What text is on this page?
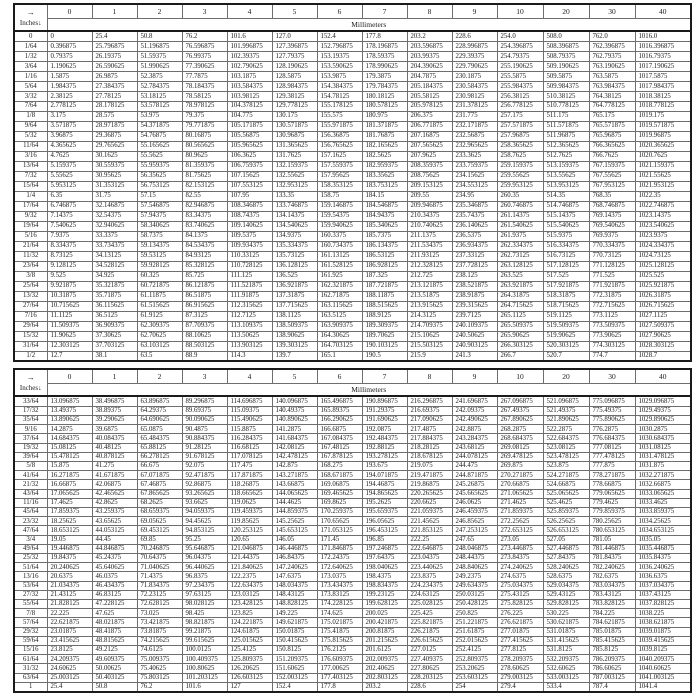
→
Inches↓	0	1	2	3	4	5	6	7	8	9	10	20	30	40
	Millimeters													
0	0	25.4	50.8	76.2	101.6	127.0	152.4	177.8	203.2	228.6	254.0	508.0	762.0	1016.0
1/64	0.396875	25.796875	51.196875	76.596875	101.996875	127.396875	152.796875	178.196875	203.596875	228.996875	254.396875	508.396875	762.396875	1016.396875
1/32	0.79375	26.19375	51.59375	76.99375	102.39375	127.79375	153.19375	178.59375	203.99375	229.39375	254.79375	508.79375	762.79375	1016.79375
3/64	1.190625	26.590625	51.990625	77.390625	102.790625	128.190625	153.590625	178.990625	204.390625	229.790625	255.190625	509.190625	763.190625	1017.190625
1/16	1.5875	26.9875	52.3875	77.7875	103.1875	128.5875	153.9875	179.3875	204.7875	230.1875	255.5875	509.5875	763.5875	1017.5875
5/64	1.984375	27.384375	52.784375	78.184375	103.584375	128.984375	154.384375	179.784375	205.184375	230.584375	255.984375	509.984375	763.984375	1017.984375
3/32	2.38125	27.78125	53.18125	78.58125	103.98125	129.38125	154.78125	180.18125	205.58125	230.98125	256.38125	510.38125	764.38125	1018.38125
7/64	2.778125	28.178125	53.578125	78.978125	104.378125	129.778125	155.178125	180.578125	205.978125	231.378125	256.778125	510.778125	764.778125	1018.778125
1/8	3.175	28.575	53.975	79.375	104.775	130.175	155.575	180.975	206.375	231.775	257.175	511.175	765.175	1019.175
9/64	3.571875	28.971875	54.371875	79.771875	105.171875	130.571875	155.971875	181.371875	206.771875	232.171875	257.571875	511.571875	765.571875	1019.571875
5/32	3.96875	29.36875	54.76875	80.16875	105.56875	130.96875	156.36875	181.76875	207.16875	232.56875	257.96875	511.96875	765.96875	1019.96875
11/64	4.365625	29.765625	55.165625	80.565625	105.965625	131.365625	156.765625	182.165625	207.565625	232.965625	258.365625	512.365625	766.365625	1020.365625
3/16	4.7625	30.1625	55.5625	80.9625	106.3625	131.7625	157.1625	182.5625	207.9625	233.3625	258.7625	512.7625	766.7625	1020.7625
13/64	5.159375	30.559375	55.959375	81.359375	106.759375	132.159375	157.559375	182.959375	208.359375	233.759375	259.159375	513.159375	767.159375	1021.159375
7/32	5.55625	30.95625	56.35625	81.75625	107.15625	132.55625	157.95625	183.35625	208.75625	234.15625	259.55625	513.55625	767.55625	1021.55625
15/64	5.953125	31.353125	56.753125	82.153125	107.553125	132.953125	158.353125	183.753125	209.153125	234.553125	259.953125	513.953125	767.953125	1021.953125
1/4	6.35	31.75	57.15	82.55	107.95	133.35	158.75	184.15	209.55	234.95	260.35	514.35	768.35	1022.35
17/64	6.746875	32.146875	57.546875	82.946875	108.346875	133.746875	159.146875	184.546875	209.946875	235.346875	260.746875	514.746875	768.746875	1022.746875
9/32	7.14375	32.54375	57.94375	83.34375	108.74375	134.14375	159.54375	184.94375	210.34375	235.74375	261.14375	515.14375	769.14375	1023.14375
19/64	7.540625	32.940625	58.340625	83.740625	109.140625	134.540625	159.940625	185.340625	210.740625	236.140625	261.540625	515.540625	769.540625	1023.540625
5/16	7.9375	33.3375	58.7375	84.1375	109.5375	134.9375	160.3375	185.7375	211.1375	236.5375	261.9375	515.9375	769.9375	1023.9375
21/64	8.334375	33.734375	59.134375	84.534375	109.934375	135.334375	160.734375	186.134375	211.534375	236.934375	262.334375	516.334375	770.334375	1024.334375
11/32	8.73125	34.13125	59.53125	84.93125	110.33125	135.73125	161.13125	186.53125	211.93125	237.33125	262.73125	516.73125	770.73125	1024.73125
23/64	9.128125	34.528125	59.928125	85.328125	110.728125	136.128125	161.528125	186.928125	212.328125	237.728125	263.128125	517.128125	771.128125	1025.128125
3/8	9.525	34.925	60.325	85.725	111.125	136.525	161.925	187.325	212.725	238.125	263.525	517.525	771.525	1025.525
25/64	9.921875	35.321875	60.721875	86.121875	111.521875	136.921875	162.321875	187.721875	213.121875	238.521875	263.921875	517.921875	771.921875	1025.921875
13/32	10.31875	35.71875	61.11875	86.51875	111.91875	137.31875	162.71875	188.11875	213.51875	238.91875	264.31875	518.31875	772.31875	1026.31875
27/64	10.715625	36.115625	61.515625	86.915625	112.315625	137.715625	163.115625	188.515625	213.915625	239.315625	264.715625	518.715625	772.715625	1026.715625
7/16	11.1125	36.5125	61.9125	87.3125	112.7125	138.1125	163.5125	188.9125	214.3125	239.7125	265.1125	519.1125	773.1125	1027.1125
29/64	11.509375	36.909375	62.309375	87.709375	113.109375	138.509375	163.909375	189.309375	214.709375	240.109375	265.509375	519.509375	773.509375	1027.509375
15/32	11.90625	37.30625	62.70625	88.10625	113.50625	138.90625	164.30625	189.70625	215.10625	240.50625	265.90625	519.90625	773.90625	1027.90625
31/64	12.303125	37.703125	63.103125	88.503125	113.903125	139.303125	164.703125	190.103125	215.503125	240.903125	266.303125	520.303125	774.303125	1028.303125
1/2	12.7	38.1	63.5	88.9	114.3	139.7	165.1	190.5	215.9	241.3	266.7	520.7	774.7	1028.7
→
Inches↓	0	1	2	3	4	5	6	7	8	9	10	20	30	40
	Millimeters													
33/64	13.096875	38.496875	63.896875	89.296875	114.696875	140.096875	165.496875	190.896875	216.296875	241.696875	267.096875	521.096875	775.096875	1029.096875
17/32	13.49375	38.89375	64.29375	89.69375	115.09375	140.49375	165.89375	191.29375	216.69375	242.09375	267.49375	521.49375	775.49375	1029.49375
35/64	13.890625	39.290625	64.690625	90.090625	115.490625	140.890625	166.290625	191.690625	217.090625	242.490625	267.890625	521.890625	775.890625	1029.890625
9/16	14.2875	39.6875	65.0875	90.4875	115.8875	141.2875	166.6875	192.0875	217.4875	242.8875	268.2875	522.2875	776.2875	1030.2875
37/64	14.684375	40.084375	65.484375	90.884375	116.284375	141.684375	167.084375	192.484375	217.884375	243.284375	268.684375	522.684375	776.684375	1030.684375
19/32	15.08125	40.48125	65.88125	91.28125	116.68125	142.08125	167.48125	192.88125	218.28125	243.68125	269.08125	523.08125	777.08125	1031.08125
39/64	15.478125	40.878125	66.278125	91.678125	117.078125	142.478125	167.878125	193.278125	218.678125	244.078125	269.478125	523.478125	777.478125	1031.478125
5/8	15.875	41.275	66.675	92.075	117.475	142.875	168.275	193.675	219.075	244.475	269.875	523.875	777.875	1031.875
41/64	16.271875	41.671875	67.071875	92.471875	117.871875	143.271875	168.671875	194.071875	219.471875	244.871875	270.271875	524.271875	778.271875	1032.271875
21/32	16.66875	42.06875	67.46875	92.86875	118.26875	143.66875	169.06875	194.46875	219.86875	245.26875	270.66875	524.66875	778.66875	1032.66875
43/64	17.065625	42.465625	67.865625	93.265625	118.665625	144.065625	169.465625	194.865625	220.265625	245.665625	271.065625	525.065625	779.065625	1033.065625
11/16	17.4625	42.8625	68.2625	93.6625	119.0625	144.4625	169.8625	195.2625	220.6625	246.0625	271.4625	525.4625	779.4625	1033.4625
45/64	17.859375	43.259375	68.659375	94.059375	119.459375	144.859375	170.259375	195.659375	221.059375	246.459375	271.859375	525.859375	779.859375	1033.859375
23/32	18.25625	43.65625	69.05625	94.45625	119.85625	145.25625	170.65625	196.05625	221.45625	246.85625	272.25625	526.25625	780.25625	1034.25625
47/64	18.653125	44.053125	69.453125	94.853125	120.253125	145.653125	171.053125	196.453125	221.853125	247.253125	272.653125	526.653125	780.653125	1034.653125
3/4	19.05	44.45	69.85	95.25	120.65	146.05	171.45	196.85	222.25	247.65	273.05	527.05	781.05	1035.05
49/64	19.446875	44.846875	70.246875	95.646875	121.046875	146.446875	171.846875	197.246875	222.646875	248.046875	273.446875	527.446875	781.446875	1035.446875
25/32	19.84375	45.24375	70.64375	96.04375	121.44375	146.84375	172.24375	197.64375	223.04375	248.44375	273.84375	527.84375	781.84375	1035.84375
51/64	20.240625	45.640625	71.040625	96.440625	121.840625	147.240625	172.640625	198.040625	223.440625	248.840625	274.240625	528.240625	782.240625	1036.240625
13/16	20.6375	46.0375	71.4375	96.8375	122.2375	147.6375	173.0375	198.4375	223.8375	249.2375	274.6375	528.6375	782.6375	1036.6375
53/64	21.034375	46.434375	71.834375	97.234375	122.634375	148.034375	173.434375	198.834375	224.234375	249.634375	275.034375	529.034375	783.034375	1037.034375
27/32	21.43125	46.83125	72.23125	97.63125	123.03125	148.43125	173.83125	199.23125	224.63125	250.03125	275.43125	529.43125	783.43125	1037.43125
55/64	21.828125	47.228125	72.628125	98.028125	123.428125	148.828125	174.228125	199.628125	225.028125	250.428125	275.828125	529.828125	783.828125	1037.828125
7/8	22.225	47.625	73.025	98.425	123.825	149.225	174.625	200.025	225.425	250.825	276.225	530.225	784.225	1038.225
57/64	22.621875	48.021875	73.421875	98.821875	124.221875	149.621875	175.021875	200.421875	225.821875	251.221875	276.621875	530.621875	784.621875	1038.621875
29/32	23.01875	48.41875	73.81875	99.21875	124.61875	150.01875	175.41875	200.81875	226.21875	251.61875	277.01875	531.01875	785.01875	1039.01875
59/64	23.415625	48.815625	74.215625	99.615625	125.015625	150.415625	175.815625	201.215625	226.615625	252.015625	277.415625	531.415625	785.415625	1039.415625
15/16	23.8125	49.2125	74.6125	100.0125	125.4125	150.8125	176.2125	201.6125	227.0125	252.4125	277.8125	531.8125	785.8125	1039.8125
61/64	24.209375	49.609375	75.009375	100.409375	125.809375	151.209375	176.609375	202.009375	227.409375	252.809375	278.209375	532.209375	786.209375	1040.209375
31/32	24.60625	50.00625	75.40625	100.80625	126.20625	151.60625	177.00625	202.40625	227.80625	253.20625	278.60625	532.60625	786.60625	1040.60625
63/64	25.003125	50.403125	75.803125	101.203125	126.603125	152.003125	177.403125	202.803125	228.203125	253.603125	279.003125	533.003125	787.003125	1041.003125
1	25.4	50.8	76.2	101.6	127	152.4	177.8	203.2	228.6	254	279.4	533.4	787.4	1041.4
